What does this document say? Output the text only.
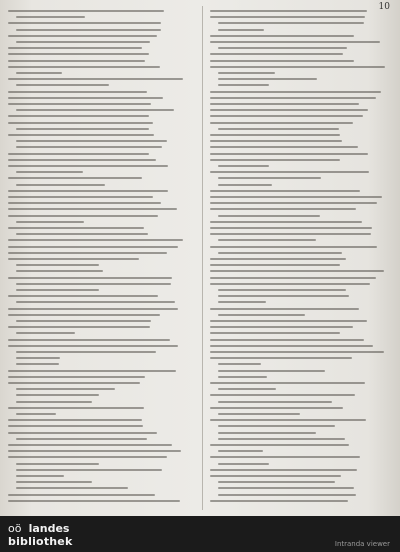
10
oö landes
bibliothek	Intranda viewer
